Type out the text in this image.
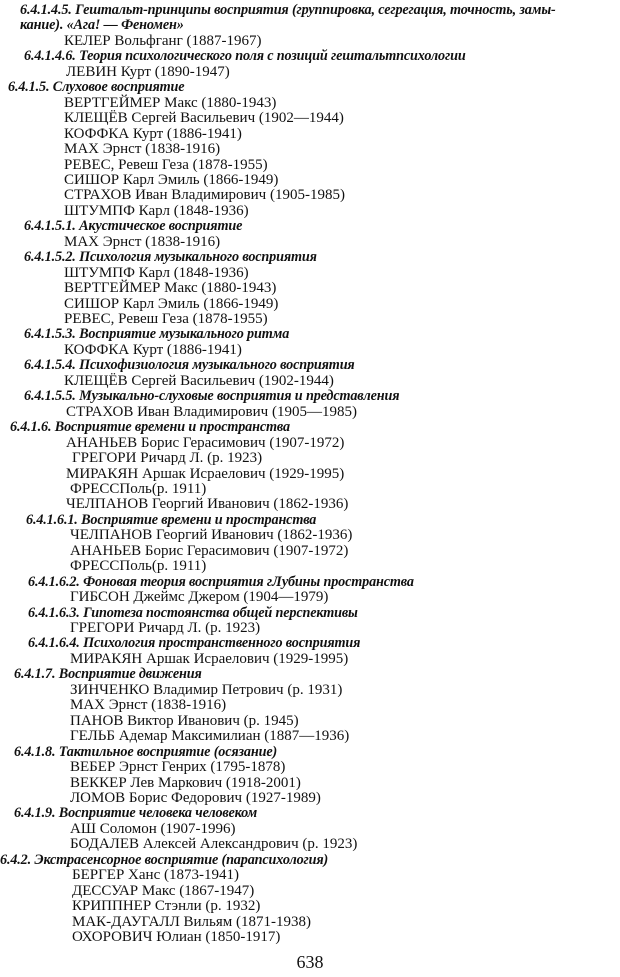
6.4.1.4.5. Гештальт-принципы восприятия (группировка, сегрегация, точность, замы-
кание). «Ага! — Феномен»
КЕЛЕР Вольфганг (1887-1967)
6.4.1.4.6. Теория психологического поля с позиций гештальтпсихологии
ЛЕВИН Курт (1890-1947)
6.4.1.5. Слуховое восприятие
ВЕРТГЕЙМЕР Макс (1880-1943)
КЛЕЩЁВ Сергей Васильевич (1902—1944)
КОФФКА Курт (1886-1941)
МАХ Эрнст (1838-1916)
РЕВЕС, Ревеш Геза (1878-1955)
СИШОР Карл Эмиль (1866-1949)
СТРАХОВ Иван Владимирович (1905-1985)
ШТУМПФ Карл (1848-1936)
6.4.1.5.1. Акустическое восприятие
МАХ Эрнст (1838-1916)
6.4.1.5.2. Психология музыкального восприятия
ШТУМПФ Карл (1848-1936)
ВЕРТГЕЙМЕР Макс (1880-1943)
СИШОР Карл Эмиль (1866-1949)
РЕВЕС, Ревеш Геза (1878-1955)
6.4.1.5.3. Восприятие музыкального ритма
КОФФКА Курт (1886-1941)
6.4.1.5.4. Психофизиология музыкального восприятия
КЛЕЩЁВ Сергей Васильевич (1902-1944)
6.4.1.5.5. Музыкально-слуховые восприятия и представления
СТРАХОВ Иван Владимирович (1905—1985)
6.4.1.6. Восприятие времени и пространства
АНАНЬЕВ Борис Герасимович (1907-1972)
ГРЕГОРИ Ричард Л. (р. 1923)
МИРАКЯН Аршак Исраелович (1929-1995)
ФРЕССПоль(р. 1911)
ЧЕЛПАНОВ Георгий Иванович (1862-1936)
6.4.1.6.1. Восприятие времени и пространства
ЧЕЛПАНОВ Георгий Иванович (1862-1936)
АНАНЬЕВ Борис Герасимович (1907-1972)
ФРЕССПоль(р. 1911)
6.4.1.6.2. Фоновая теория восприятия гЛубины пространства
ГИБСОН Джеймс Джером (1904—1979)
6.4.1.6.3. Гипотеза постоянства общей перспективы
ГРЕГОРИ Ричард Л. (р. 1923)
6.4.1.6.4. Психология пространственного восприятия
МИРАКЯН Аршак Исраелович (1929-1995)
6.4.1.7. Восприятие движения
ЗИНЧЕНКО Владимир Петрович (р. 1931)
МАХ Эрнст (1838-1916)
ПАНОВ Виктор Иванович (р. 1945)
ГЕЛЬБ Адемар Максимилиан (1887—1936)
6.4.1.8. Тактильное восприятие (осязание)
ВЕБЕР Эрнст Генрих (1795-1878)
ВЕККЕР Лев Маркович (1918-2001)
ЛОМОВ Борис Федорович (1927-1989)
6.4.1.9. Восприятие человека человеком
АШ Соломон (1907-1996)
БОДАЛЕВ Алексей Александрович (р. 1923)
6.4.2. Экстрасенсорное восприятие (парапсихология)
БЕРГЕР Ханс (1873-1941)
ДЕССУАР Макс (1867-1947)
КРИППНЕР Стэнли (р. 1932)
МАК-ДАУГАЛЛ Вильям (1871-1938)
ОХОРОВИЧ Юлиан (1850-1917)
638
